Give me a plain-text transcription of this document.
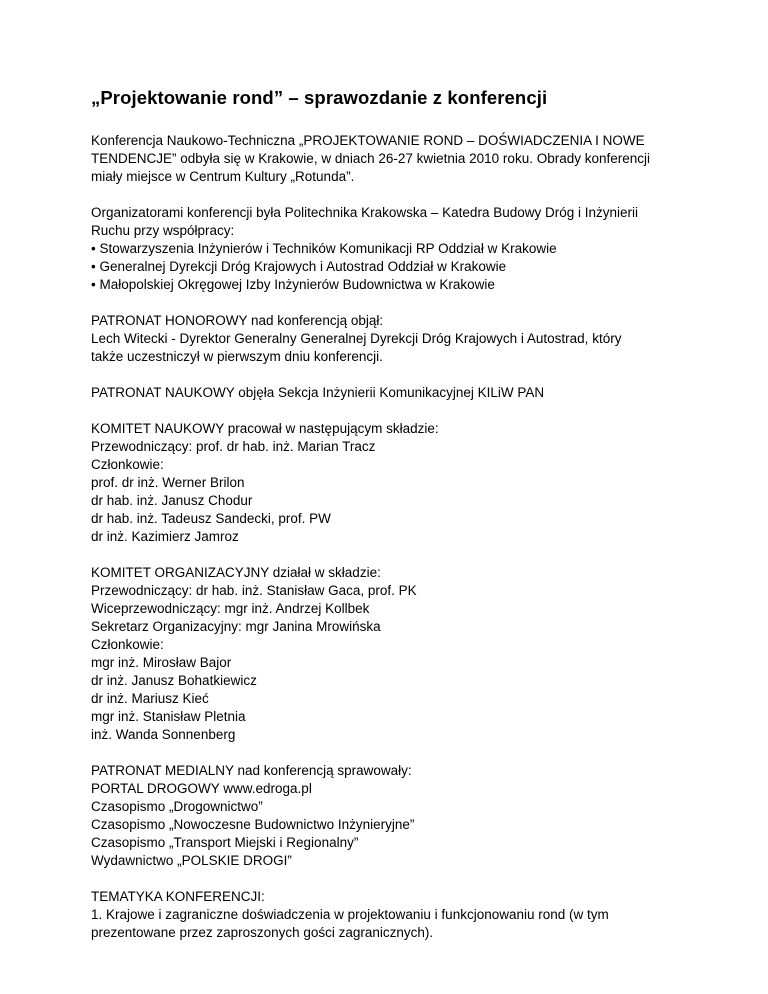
„Projektowanie rond” – sprawozdanie z konferencji
Konferencja Naukowo-Techniczna „PROJEKTOWANIE ROND – DOŚWIADCZENIA I NOWE
TENDENCJE” odbyła się w Krakowie, w dniach 26-27 kwietnia 2010 roku. Obrady konferencji
miały miejsce w Centrum Kultury „Rotunda”.
Organizatorami konferencji była Politechnika Krakowska – Katedra Budowy Dróg i Inżynierii
Ruchu przy współpracy:
• Stowarzyszenia Inżynierów i Techników Komunikacji RP Oddział w Krakowie
• Generalnej Dyrekcji Dróg Krajowych i Autostrad Oddział w Krakowie
• Małopolskiej Okręgowej Izby Inżynierów Budownictwa w Krakowie
PATRONAT HONOROWY nad konferencją objął:
Lech Witecki - Dyrektor Generalny Generalnej Dyrekcji Dróg Krajowych i Autostrad, który
także uczestniczył w pierwszym dniu konferencji.
PATRONAT NAUKOWY objęła Sekcja Inżynierii Komunikacyjnej KILiW PAN
KOMITET NAUKOWY pracował w następującym składzie:
Przewodniczący: prof. dr hab. inż. Marian Tracz
Członkowie:
prof. dr inż. Werner Brilon
dr hab. inż. Janusz Chodur
dr hab. inż. Tadeusz Sandecki, prof. PW
dr inż. Kazimierz Jamroz
KOMITET ORGANIZACYJNY działał w składzie:
Przewodniczący: dr hab. inż. Stanisław Gaca, prof. PK
Wiceprzewodniczący: mgr inż. Andrzej Kollbek
Sekretarz Organizacyjny: mgr Janina Mrowińska
Członkowie:
mgr inż. Mirosław Bajor
dr inż. Janusz Bohatkiewicz
dr inż. Mariusz Kieć
mgr inż. Stanisław Pletnia
inż. Wanda Sonnenberg
PATRONAT MEDIALNY nad konferencją sprawowały:
PORTAL DROGOWY www.edroga.pl
Czasopismo „Drogownictwo”
Czasopismo „Nowoczesne Budownictwo Inżynieryjne”
Czasopismo „Transport Miejski i Regionalny”
Wydawnictwo „POLSKIE DROGI”
TEMATYKA KONFERENCJI:
1. Krajowe i zagraniczne doświadczenia w projektowaniu i funkcjonowaniu rond (w tym
prezentowane przez zaproszonych gości zagranicznych).
